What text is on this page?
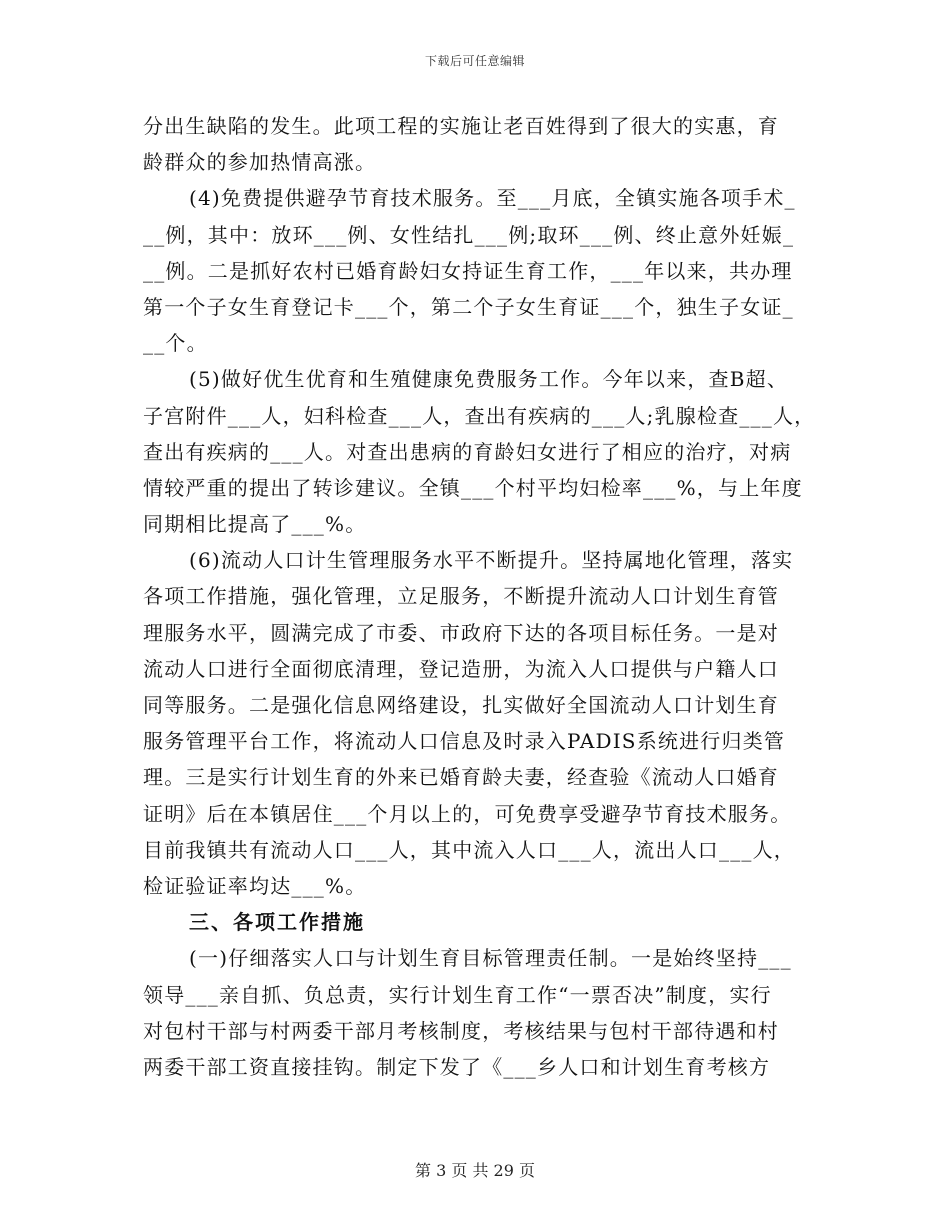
下载后可任意编辑
分出生缺陷的发生。此项工程的实施让老百姓得到了很大的实惠，育
龄群众的参加热情高涨。
(4)免费提供避孕节育技术服务。至___月底，全镇实施各项手术_
__例，其中：放环___例、女性结扎___例;取环___例、终止意外妊娠_
__例。二是抓好农村已婚育龄妇女持证生育工作，___年以来，共办理
第一个子女生育登记卡___个，第二个子女生育证___个，独生子女证_
__个。
(5)做好优生优育和生殖健康免费服务工作。今年以来，查B超、
子宫附件___人，妇科检查___人，查出有疾病的___人;乳腺检查___人，
查出有疾病的___人。对查出患病的育龄妇女进行了相应的治疗，对病
情较严重的提出了转诊建议。全镇___个村平均妇检率___%，与上年度
同期相比提高了___%。
(6)流动人口计生管理服务水平不断提升。坚持属地化管理，落实
各项工作措施，强化管理，立足服务，不断提升流动人口计划生育管
理服务水平，圆满完成了市委、市政府下达的各项目标任务。一是对
流动人口进行全面彻底清理，登记造册，为流入人口提供与户籍人口
同等服务。二是强化信息网络建设，扎实做好全国流动人口计划生育
服务管理平台工作，将流动人口信息及时录入PADIS系统进行归类管
理。三是实行计划生育的外来已婚育龄夫妻，经查验《流动人口婚育
证明》后在本镇居住___个月以上的，可免费享受避孕节育技术服务。
目前我镇共有流动人口___人，其中流入人口___人，流出人口___人，
检证验证率均达___%。
三、各项工作措施
(一)仔细落实人口与计划生育目标管理责任制。一是始终坚持___
领导___亲自抓、负总责，实行计划生育工作“一票否决”制度，实行
对包村干部与村两委干部月考核制度，考核结果与包村干部待遇和村
两委干部工资直接挂钩。制定下发了《___乡人口和计划生育考核方
第 3 页 共 29 页
